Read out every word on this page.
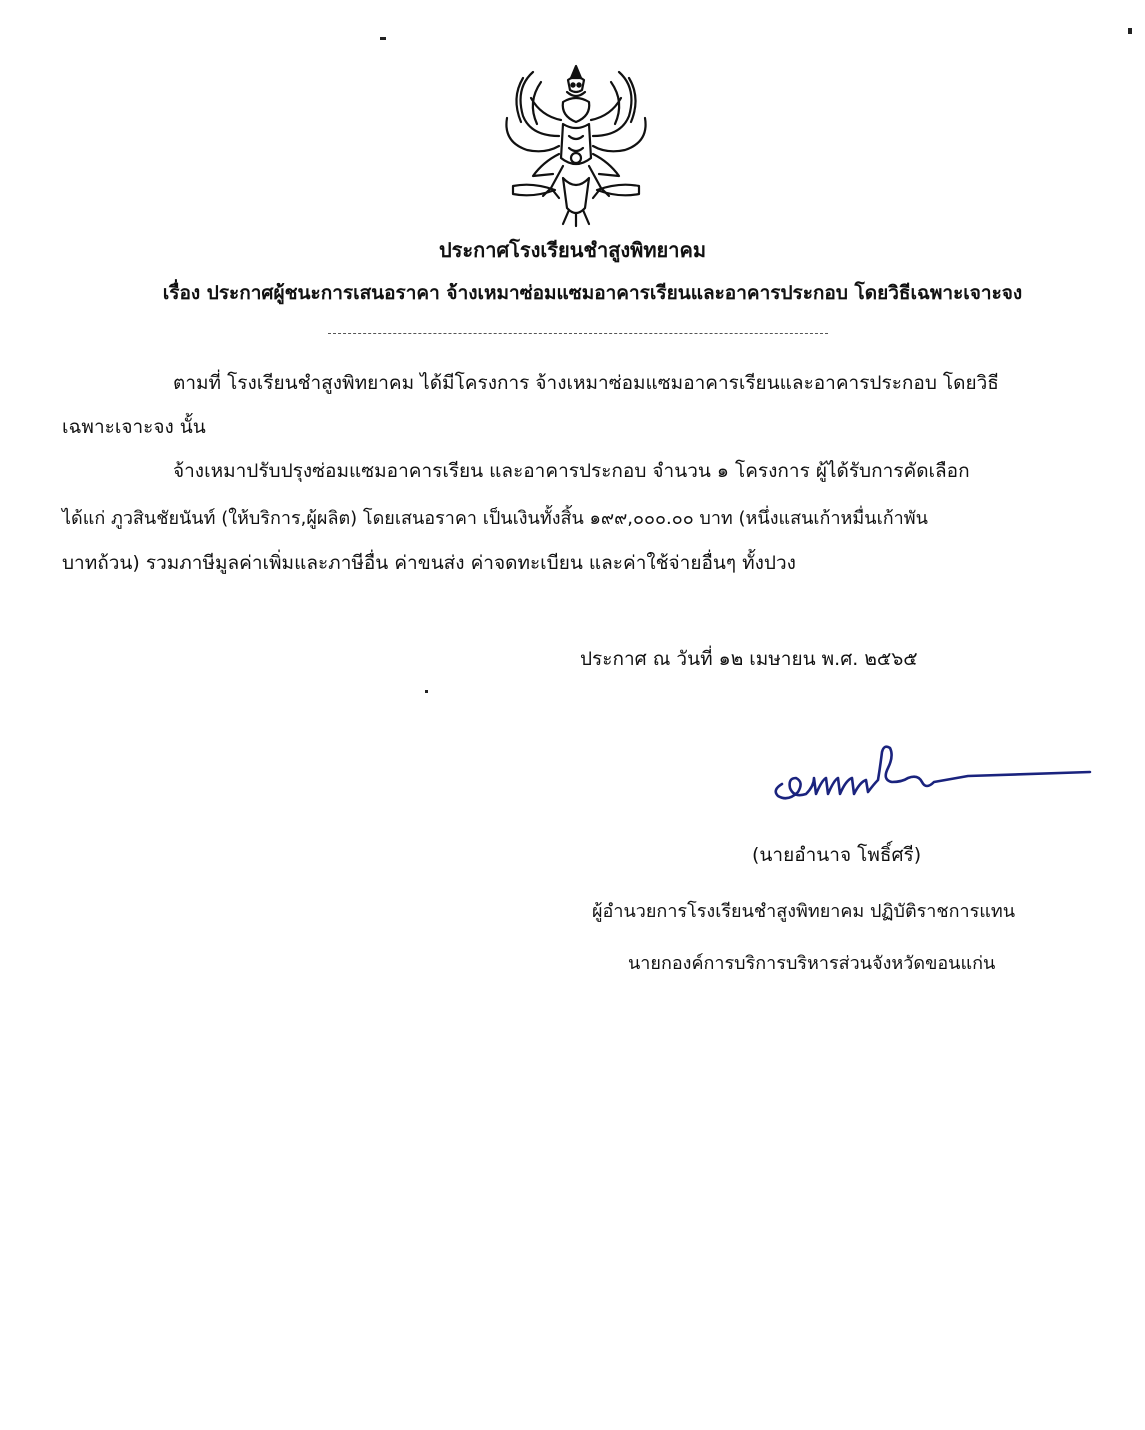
ประกาศโรงเรียนชำสูงพิทยาคม
เรื่อง ประกาศผู้ชนะการเสนอราคา จ้างเหมาซ่อมแซมอาคารเรียนและอาคารประกอบ โดยวิธีเฉพาะเจาะจง
ตามที่ โรงเรียนชำสูงพิทยาคม ได้มีโครงการ จ้างเหมาซ่อมแซมอาคารเรียนและอาคารประกอบ โดยวิธี
เฉพาะเจาะจง นั้น
จ้างเหมาปรับปรุงซ่อมแซมอาคารเรียน และอาคารประกอบ จำนวน ๑ โครงการ ผู้ได้รับการคัดเลือก
ได้แก่ ภูวสินชัยนันท์ (ให้บริการ,ผู้ผลิต) โดยเสนอราคา เป็นเงินทั้งสิ้น ๑๙๙,๐๐๐.๐๐ บาท (หนึ่งแสนเก้าหมื่นเก้าพัน
บาทถ้วน) รวมภาษีมูลค่าเพิ่มและภาษีอื่น ค่าขนส่ง ค่าจดทะเบียน และค่าใช้จ่ายอื่นๆ ทั้งปวง
ประกาศ ณ วันที่ ๑๒ เมษายน พ.ศ. ๒๕๖๕
(นายอำนาจ โพธิ์ศรี)
ผู้อำนวยการโรงเรียนชำสูงพิทยาคม ปฏิบัติราชการแทน
นายกองค์การบริการบริหารส่วนจังหวัดขอนแก่น
